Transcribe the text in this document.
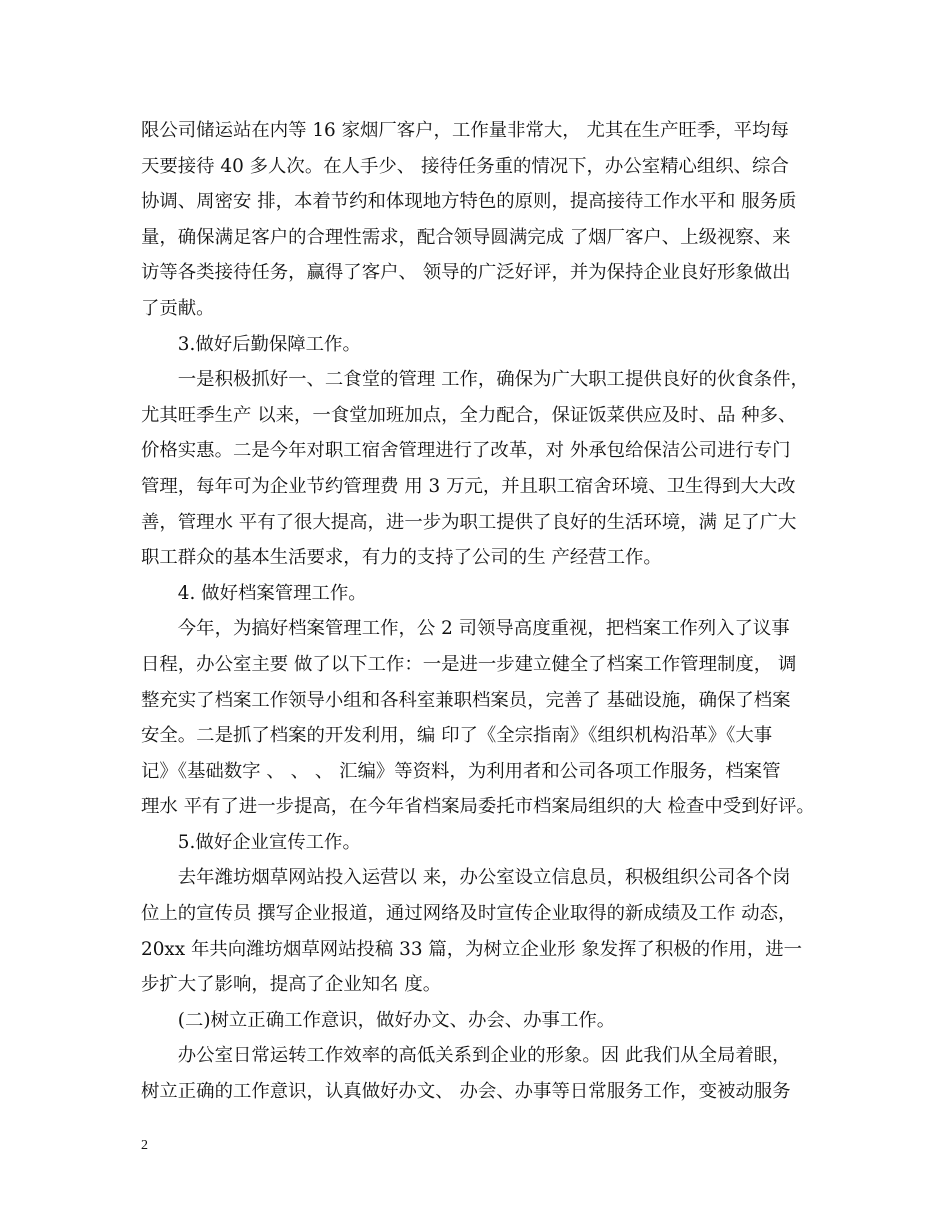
限公司储运站在内等 16 家烟厂客户，工作量非常大， 尤其在生产旺季，平均每
天要接待 40 多人次。在人手少、 接待任务重的情况下，办公室精心组织、综合
协调、周密安 排，本着节约和体现地方特色的原则，提高接待工作水平和 服务质
量，确保满足客户的合理性需求，配合领导圆满完成 了烟厂客户、上级视察、来
访等各类接待任务，赢得了客户、 领导的广泛好评，并为保持企业良好形象做出
了贡献。
　　3.做好后勤保障工作。
　　一是积极抓好一、二食堂的管理 工作，确保为广大职工提供良好的伙食条件，
尤其旺季生产 以来，一食堂加班加点，全力配合，保证饭菜供应及时、品 种多、
价格实惠。二是今年对职工宿舍管理进行了改革，对 外承包给保洁公司进行专门
管理，每年可为企业节约管理费 用 3 万元，并且职工宿舍环境、卫生得到大大改
善，管理水 平有了很大提高，进一步为职工提供了良好的生活环境，满 足了广大
职工群众的基本生活要求，有力的支持了公司的生 产经营工作。
　　4. 做好档案管理工作。
　　今年，为搞好档案管理工作，公 2 司领导高度重视，把档案工作列入了议事
日程，办公室主要 做了以下工作：一是进一步建立健全了档案工作管理制度， 调
整充实了档案工作领导小组和各科室兼职档案员，完善了 基础设施，确保了档案
安全。二是抓了档案的开发利用，编 印了《全宗指南》《组织机构沿革》《大事
记》《基础数字 、 、 、 汇编》等资料，为利用者和公司各项工作服务，档案管
理水 平有了进一步提高，在今年省档案局委托市档案局组织的大 检查中受到好评。
　　5.做好企业宣传工作。
　　去年潍坊烟草网站投入运营以 来，办公室设立信息员，积极组织公司各个岗
位上的宣传员 撰写企业报道，通过网络及时宣传企业取得的新成绩及工作 动态，
20xx 年共向潍坊烟草网站投稿 33 篇，为树立企业形 象发挥了积极的作用，进一
步扩大了影响，提高了企业知名 度。
　　(二)树立正确工作意识，做好办文、办会、办事工作。
　　办公室日常运转工作效率的高低关系到企业的形象。因 此我们从全局着眼，
树立正确的工作意识，认真做好办文、 办会、办事等日常服务工作，变被动服务
2
